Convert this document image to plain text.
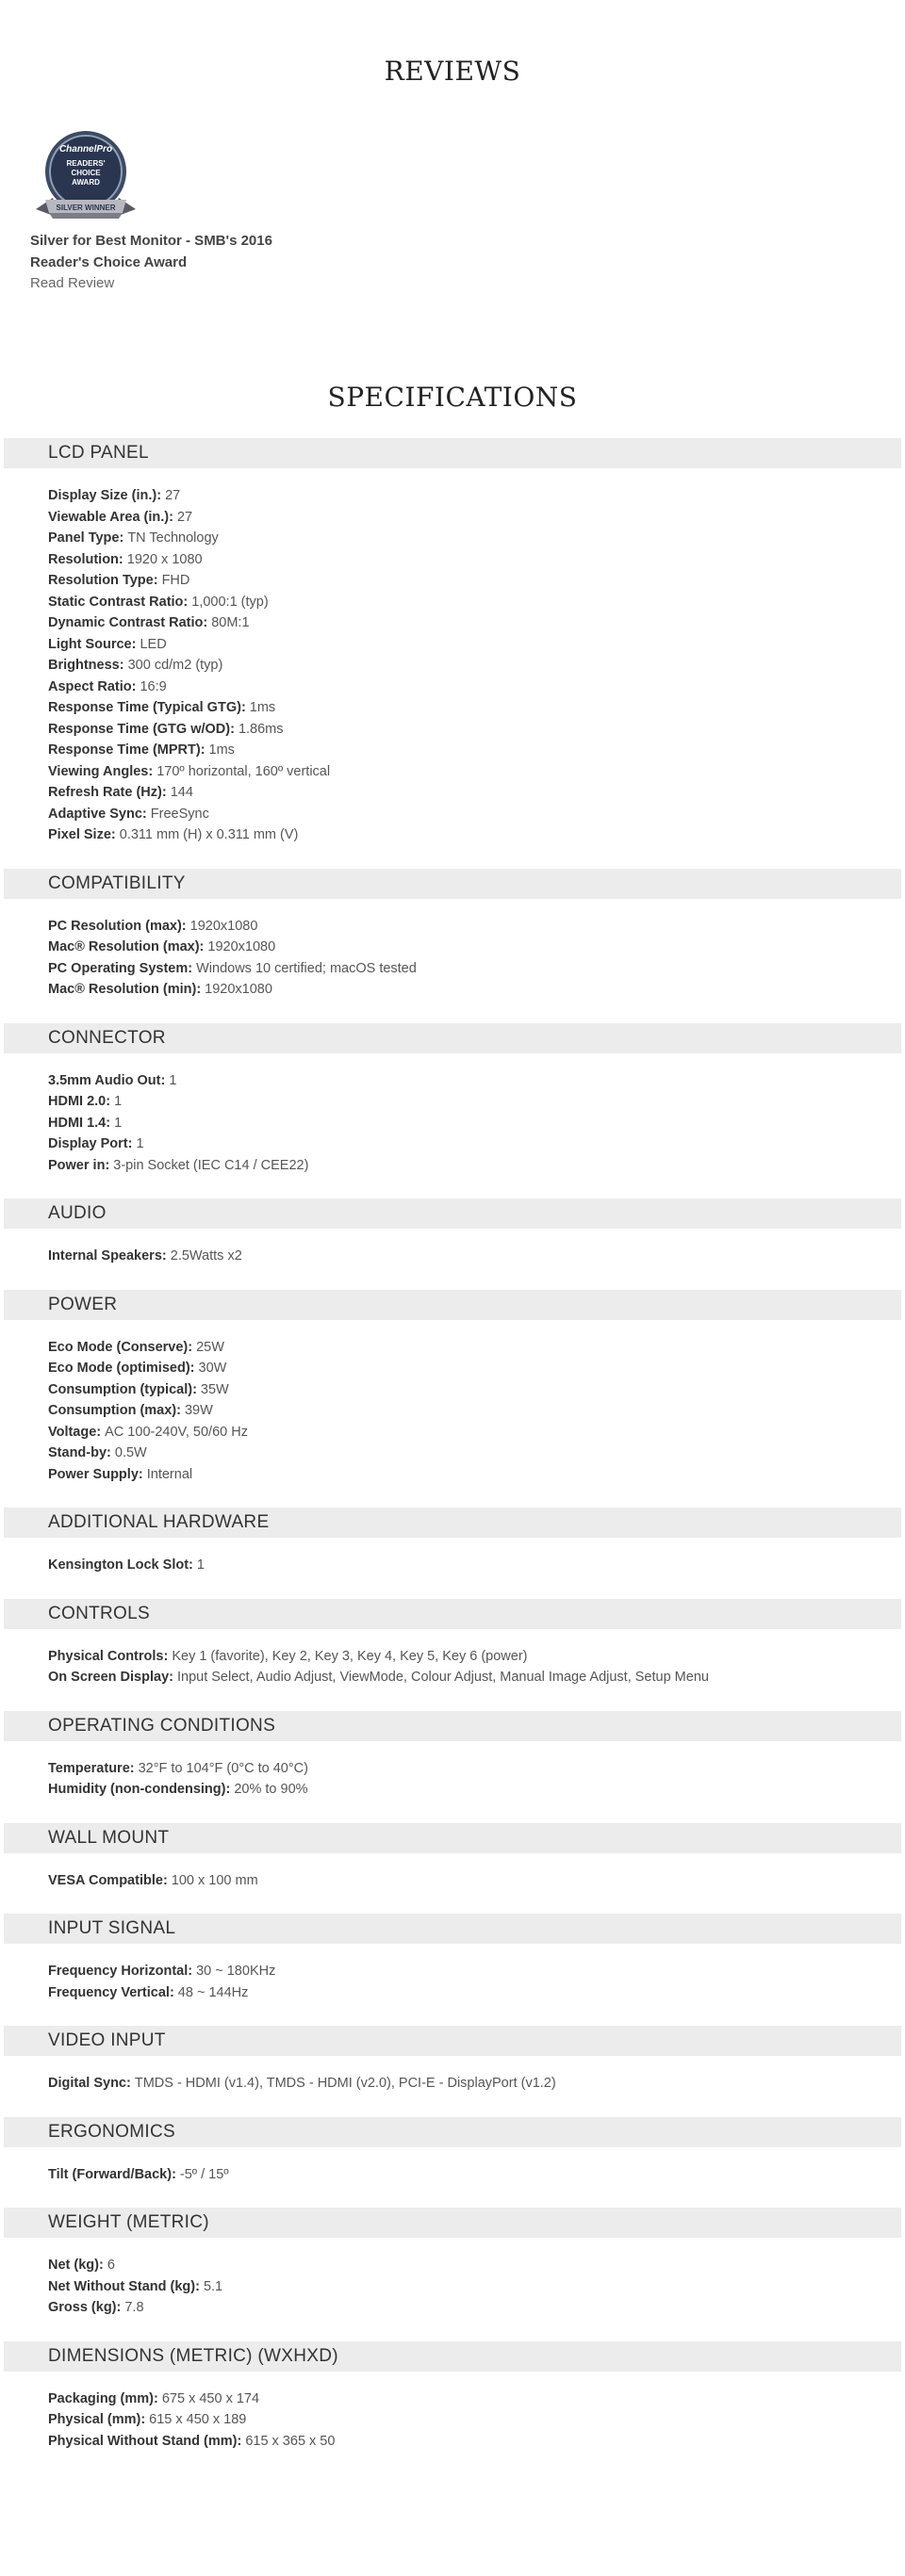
REVIEWS
ChannelPro
READERS'
CHOICE
AWARD
SILVER WINNER
Silver for Best Monitor - SMB's 2016
Reader's Choice Award
Read Review
SPECIFICATIONS
LCD PANEL
Display Size (in.) : 27
Viewable Area (in.) : 27
Panel Type : TN Technology
Resolution : 1920 x 1080
Resolution Type : FHD
Static Contrast Ratio : 1,000:1 (typ)
Dynamic Contrast Ratio : 80M:1
Light Source : LED
Brightness : 300 cd/m2 (typ)
Aspect Ratio : 16:9
Response Time (Typical GTG) : 1ms
Response Time (GTG w/OD) : 1.86ms
Response Time (MPRT) : 1ms
Viewing Angles : 170º horizontal, 160º vertical
Refresh Rate (Hz) : 144
Adaptive Sync : FreeSync
Pixel Size : 0.311 mm (H) x 0.311 mm (V)
COMPATIBILITY
PC Resolution (max) : 1920x1080
Mac® Resolution (max) : 1920x1080
PC Operating System : Windows 10 certified; macOS tested
Mac® Resolution (min) : 1920x1080
CONNECTOR
3.5mm Audio Out : 1
HDMI 2.0 : 1
HDMI 1.4 : 1
Display Port : 1
Power in : 3-pin Socket (IEC C14 / CEE22)
AUDIO
Internal Speakers : 2.5Watts x2
POWER
Eco Mode (Conserve) : 25W
Eco Mode (optimised) : 30W
Consumption (typical) : 35W
Consumption (max) : 39W
Voltage : AC 100-240V, 50/60 Hz
Stand-by : 0.5W
Power Supply : Internal
ADDITIONAL HARDWARE
Kensington Lock Slot : 1
CONTROLS
Physical Controls : Key 1 (favorite), Key 2, Key 3, Key 4, Key 5, Key 6 (power)
On Screen Display : Input Select, Audio Adjust, ViewMode, Colour Adjust, Manual Image Adjust, Setup Menu
OPERATING CONDITIONS
Temperature : 32°F to 104°F (0°C to 40°C)
Humidity (non-condensing) : 20% to 90%
WALL MOUNT
VESA Compatible : 100 x 100 mm
INPUT SIGNAL
Frequency Horizontal : 30 ~ 180KHz
Frequency Vertical : 48 ~ 144Hz
VIDEO INPUT
Digital Sync : TMDS - HDMI (v1.4), TMDS - HDMI (v2.0), PCI-E - DisplayPort (v1.2)
ERGONOMICS
Tilt (Forward/Back) : -5º / 15º
WEIGHT (METRIC)
Net (kg) : 6
Net Without Stand (kg) : 5.1
Gross (kg) : 7.8
DIMENSIONS (METRIC) (WXHXD)
Packaging (mm) : 675 x 450 x 174
Physical (mm) : 615 x 450 x 189
Physical Without Stand (mm) : 615 x 365 x 50
